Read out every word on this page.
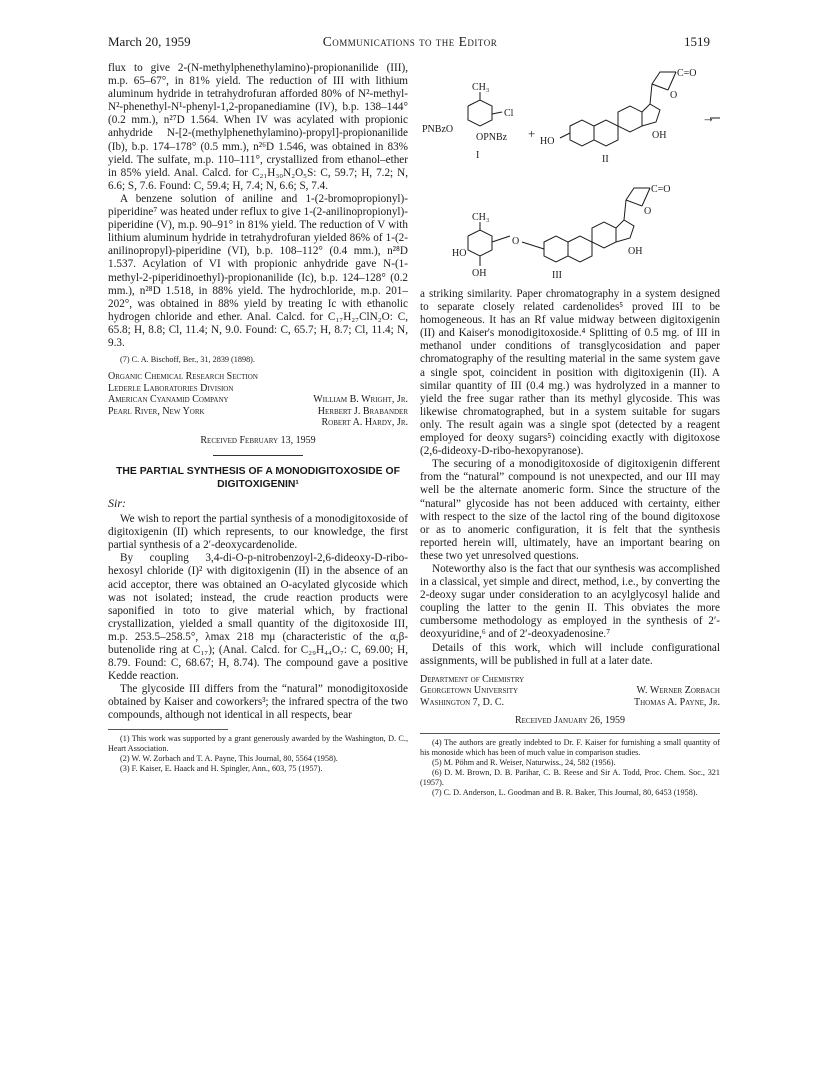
March 20, 1959	Communications to the Editor	1519

flux to give 2-(N-methylphenethylamino)-propionanilide (III), m.p. 65–67°, in 81% yield. The reduction of III with lithium aluminum hydride in tetrahydrofuran afforded 80% of N²-methyl-N²-phenethyl-N¹-phenyl-1,2-propanediamine (IV), b.p. 138–144° (0.2 mm.), n²⁷D 1.564. When IV was acylated with propionic anhydride N-[2-(methylphenethylamino)-propyl]-propionanilide (Ib), b.p. 174–178° (0.5 mm.), n²⁶D 1.546, was obtained in 83% yield. The sulfate, m.p. 110–111°, crystallized from ethanol–ether in 85% yield. Anal. Calcd. for C₂₁H₃₀N₂O₅S: C, 59.7; H, 7.2; N, 6.6; S, 7.6. Found: C, 59.4; H, 7.4; N, 6.6; S, 7.4.

A benzene solution of aniline and 1-(2-bromopropionyl)-piperidine⁷ was heated under reflux to give 1-(2-anilinopropionyl)-piperidine (V), m.p. 90–91° in 81% yield. The reduction of V with lithium aluminum hydride in tetrahydrofuran yielded 86% of 1-(2-anilinopropyl)-piperidine (VI), b.p. 108–112° (0.4 mm.), n²⁸D 1.537. Acylation of VI with propionic anhydride gave N-(1-methyl-2-piperidinoethyl)-propionanilide (Ic), b.p. 124–128° (0.2 mm.), n²⁸D 1.518, in 88% yield. The hydrochloride, m.p. 201–202°, was obtained in 88% yield by treating Ic with ethanolic hydrogen chloride and ether. Anal. Calcd. for C₁₇H₂₇ClN₂O: C, 65.8; H, 8.8; Cl, 11.4; N, 9.0. Found: C, 65.7; H, 8.7; Cl, 11.4; N, 9.3.

(7) C. A. Bischoff, Ber., 31, 2839 (1898).

Organic Chemical Research Section
Lederle Laboratories Division
American Cyanamid Company
Pearl River, New York

William B. Wright, Jr.
Herbert J. Brabander
Robert A. Hardy, Jr.
Received February 13, 1959
THE PARTIAL SYNTHESIS OF A MONODIGITOXOSIDE OF DIGITOXIGENIN¹
Sir:

We wish to report the partial synthesis of a monodigitoxoside of digitoxigenin (II) which represents, to our knowledge, the first partial synthesis of a 2′-deoxycardenolide.

By coupling 3,4-di-O-p-nitrobenzoyl-2,6-dideoxy-D-ribo-hexosyl chloride (I)² with digitoxigenin (II) in the absence of an acid acceptor, there was obtained an O-acylated glycoside which was not isolated; instead, the crude reaction products were saponified in toto to give material which, by fractional crystallization, yielded a small quantity of the digitoxoside III, m.p. 253.5–258.5°, λmax 218 mμ (characteristic of the α,β-butenolide ring at C₁₇); (Anal. Calcd. for C₂₉H₄₄O₇: C, 69.00; H, 8.79. Found: C, 68.67; H, 8.74). The compound gave a positive Kedde reaction.

The glycoside III differs from the “natural” monodigitoxoside obtained by Kaiser and coworkers³; the infrared spectra of the two compounds, although not identical in all respects, bear

(1) This work was supported by a grant generously awarded by the Washington, D. C., Heart Association.

(2) W. W. Zorbach and T. A. Payne, This Journal, 80, 5564 (1958).

(3) F. Kaiser, E. Haack and H. Spingler, Ann., 603, 75 (1957).

CH₃
Cl
PNBzO
OPNBz +
HO
OH
C=O
O
I	II
CH₃
HO
OH
O
OH
C=O
O
III
→

a striking similarity. Paper chromatography in a system designed to separate closely related cardenolides⁵ proved III to be homogeneous. It has an Rf value midway between digitoxigenin (II) and Kaiser's monodigitoxoside.⁴ Splitting of 0.5 mg. of III in methanol under conditions of transglycosidation and paper chromatography of the resulting material in the same system gave a single spot, coincident in position with digitoxigenin (II). A similar quantity of III (0.4 mg.) was hydrolyzed in a manner to yield the free sugar rather than its methyl glycoside. This was likewise chromatographed, but in a system suitable for sugars only. The result again was a single spot (detected by a reagent employed for deoxy sugars⁵) coinciding exactly with digitoxose (2,6-dideoxy-D-ribo-hexopyranose).

The securing of a monodigitoxoside of digitoxigenin different from the “natural” compound is not unexpected, and our III may well be the alternate anomeric form. Since the structure of the “natural” glycoside has not been adduced with certainty, either with respect to the size of the lactol ring of the bound digitoxose or as to anomeric configuration, it is felt that the synthesis reported herein will, ultimately, have an important bearing on these two yet unresolved questions.

Noteworthy also is the fact that our synthesis was accomplished in a classical, yet simple and direct, method, i.e., by converting the 2-deoxy sugar under consideration to an acylglycosyl halide and coupling the latter to the genin II. This obviates the more cumbersome methodology as employed in the synthesis of 2′-deoxyuridine,⁶ and of 2′-deoxyadenosine.⁷

Details of this work, which will include configurational assignments, will be published in full at a later date.

Department of Chemistry
Georgetown University
Washington 7, D. C.

W. Werner Zorbach
Thomas A. Payne, Jr.
Received January 26, 1959

(4) The authors are greatly indebted to Dr. F. Kaiser for furnishing a small quantity of his monoside which has been of much value in comparison studies.

(5) M. Pöhm and R. Weiser, Naturwiss., 24, 582 (1956).

(6) D. M. Brown, D. B. Parihar, C. B. Reese and Sir A. Todd, Proc. Chem. Soc., 321 (1957).

(7) C. D. Anderson, L. Goodman and B. R. Baker, This Journal, 80, 6453 (1958).
